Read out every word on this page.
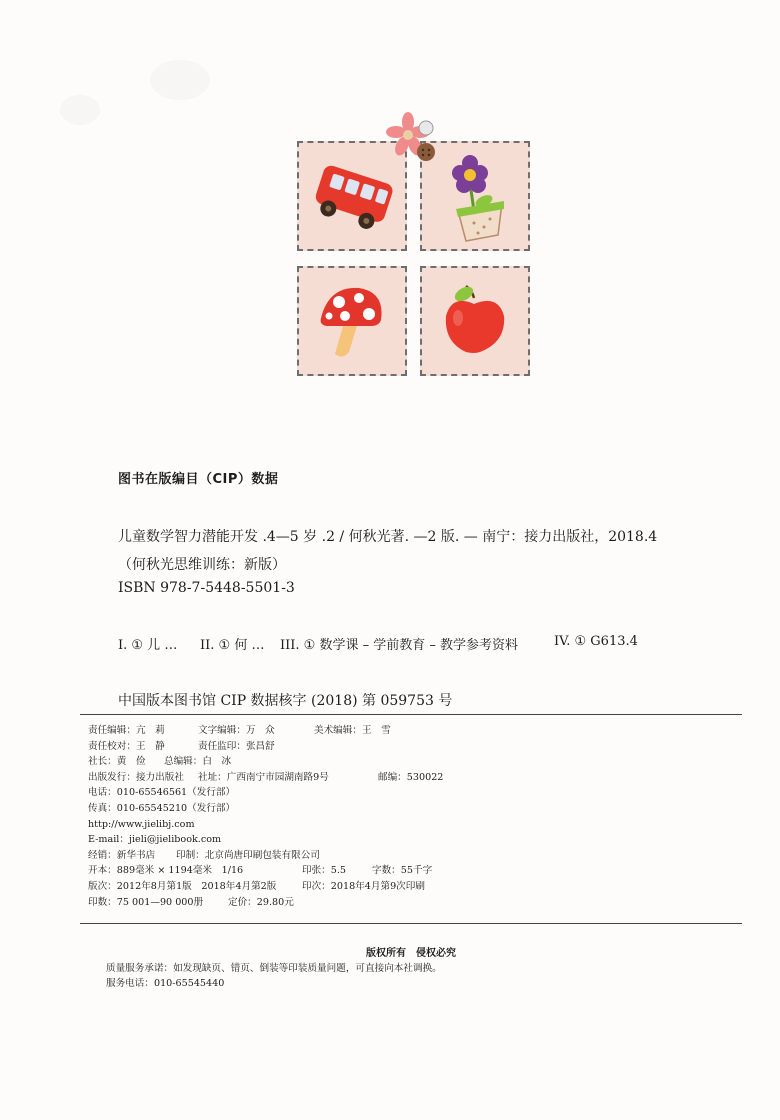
图书在版编目（CIP）数据
儿童数学智力潜能开发 .4—5 岁 .2 / 何秋光著. —2 版. — 南宁：接力出版社，2018.4
（何秋光思维训练：新版）
ISBN 978-7-5448-5501-3
I. ① 儿 … II. ① 何 … III. ① 数学课 – 学前教育 – 教学参考资料	IV. ① G613.4
中国版本图书馆 CIP 数据核字 (2018) 第 059753 号
责任编辑：亢　莉	文字编辑：万　众	美术编辑：王　雪
责任校对：王　静	责任监印：张昌舒
社长：黄　俭 总编辑：白　冰
出版发行：接力出版社 社址：广西南宁市园湖南路9号	邮编：530022
电话：010-65546561（发行部）
传真：010-65545210（发行部）
http://www.jielibj.com
E-mail：jieli@jielibook.com
经销：新华书店 印制：北京尚唐印刷包装有限公司
开本：889毫米 × 1194毫米　1/16	印张：5.5	字数：55千字
版次：2012年8月第1版　2018年4月第2版	印次：2018年4月第9次印刷
印数：75 001—90 000册	定价：29.80元
版权所有　侵权必究
质量服务承诺：如发现缺页、错页、倒装等印装质量问题，可直接向本社调换。
服务电话：010-65545440
